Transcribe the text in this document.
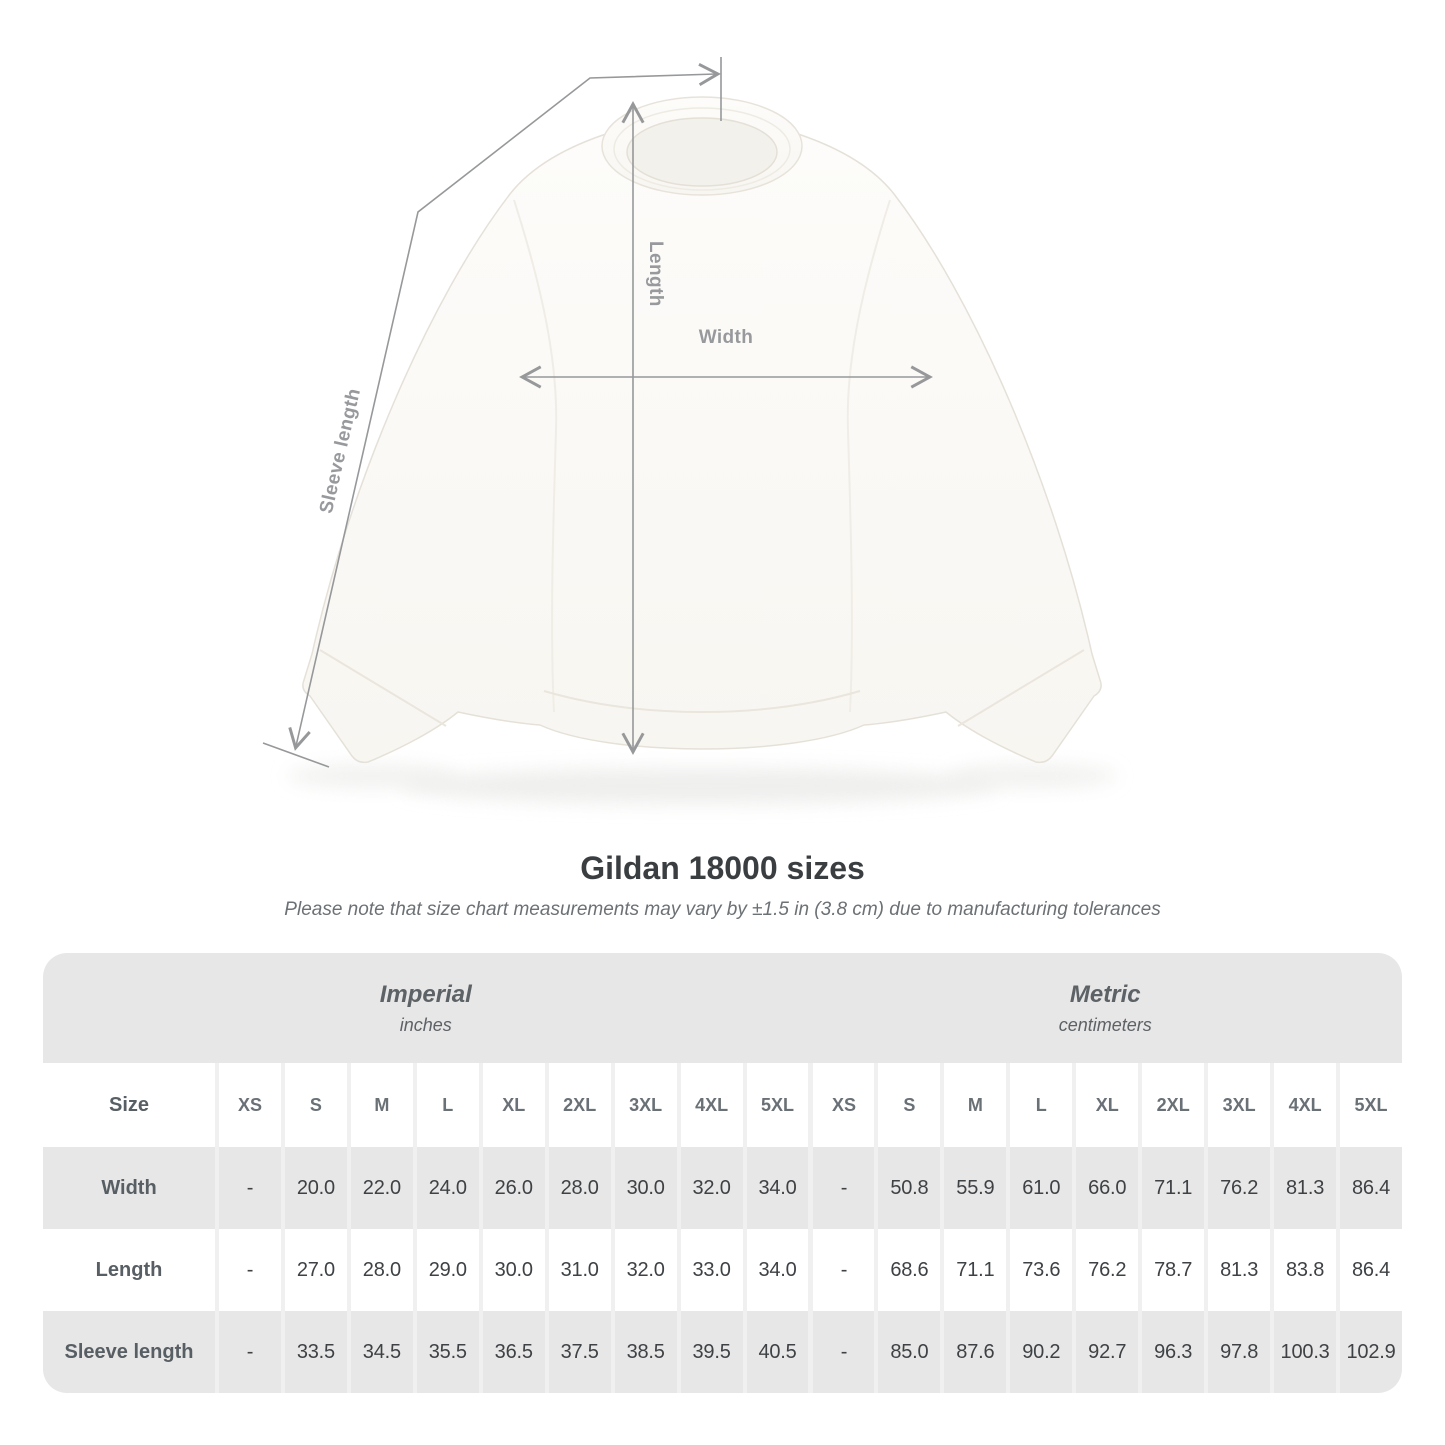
Width
Length
Sleeve length
Gildan 18000 sizes

Please note that size chart measurements may vary by ±1.5 in (3.8 cm) due to manufacturing tolerances

Imperial
inches
Metric
centimeters
Size	XS	S	M	L	XL	2XL	3XL	4XL	5XL	XS	S	M	L	XL	2XL	3XL	4XL	5XL
Width	-	20.0	22.0	24.0	26.0	28.0	30.0	32.0	34.0	-	50.8	55.9	61.0	66.0	71.1	76.2	81.3	86.4
Length	-	27.0	28.0	29.0	30.0	31.0	32.0	33.0	34.0	-	68.6	71.1	73.6	76.2	78.7	81.3	83.8	86.4
Sleeve length	-	33.5	34.5	35.5	36.5	37.5	38.5	39.5	40.5	-	85.0	87.6	90.2	92.7	96.3	97.8	100.3 102.9
